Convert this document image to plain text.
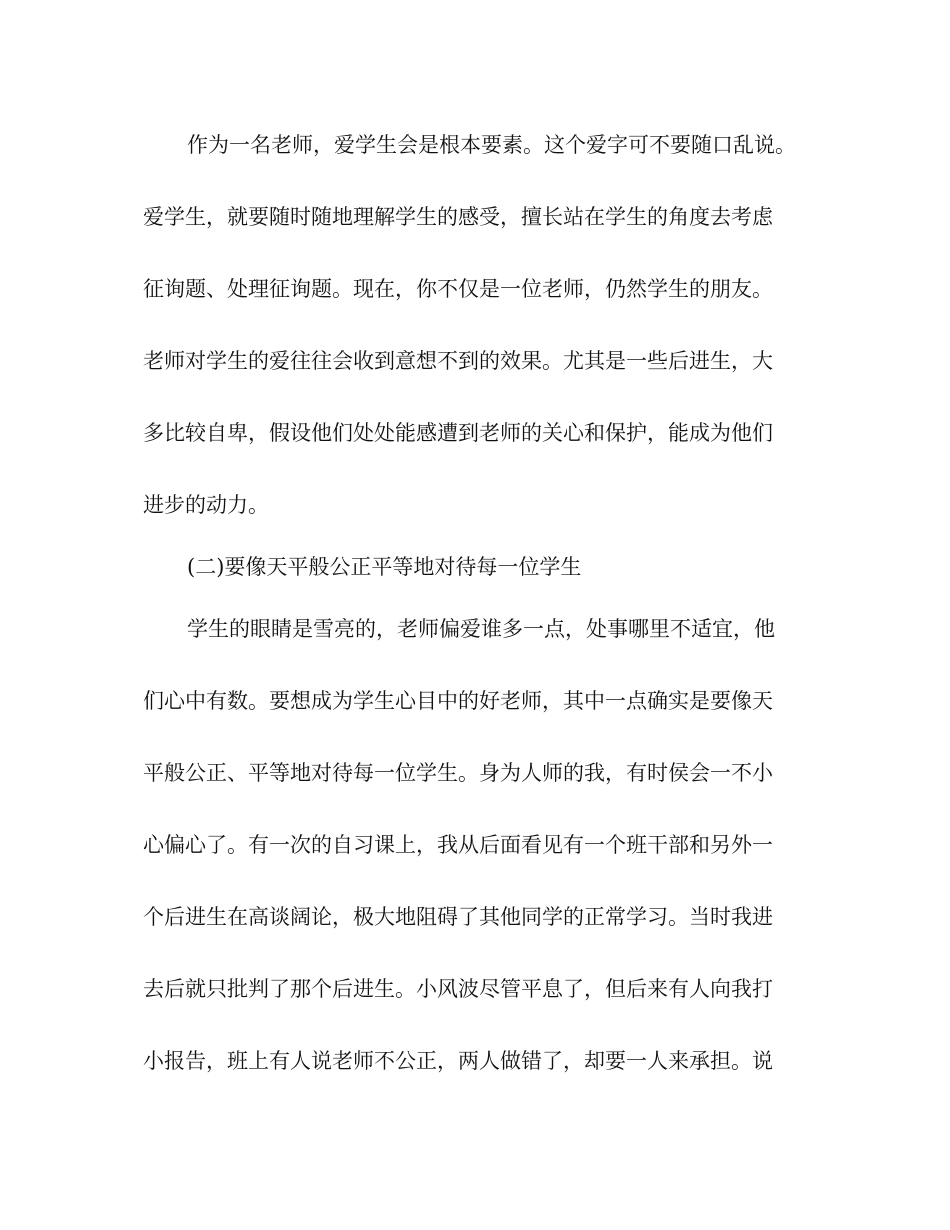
作为一名老师，爱学生会是根本要素。这个爱字可不要随口乱说。
爱学生，就要随时随地理解学生的感受，擅长站在学生的角度去考虑
征询题、处理征询题。现在，你不仅是一位老师，仍然学生的朋友。
老师对学生的爱往往会收到意想不到的效果。尤其是一些后进生，大
多比较自卑，假设他们处处能感遭到老师的关心和保护，能成为他们
进步的动力。
(二)要像天平般公正平等地对待每一位学生
学生的眼睛是雪亮的，老师偏爱谁多一点，处事哪里不适宜，他
们心中有数。要想成为学生心目中的好老师，其中一点确实是要像天
平般公正、平等地对待每一位学生。身为人师的我，有时侯会一不小
心偏心了。有一次的自习课上，我从后面看见有一个班干部和另外一
个后进生在高谈阔论，极大地阻碍了其他同学的正常学习。当时我进
去后就只批判了那个后进生。小风波尽管平息了，但后来有人向我打
小报告，班上有人说老师不公正，两人做错了，却要一人来承担。说
